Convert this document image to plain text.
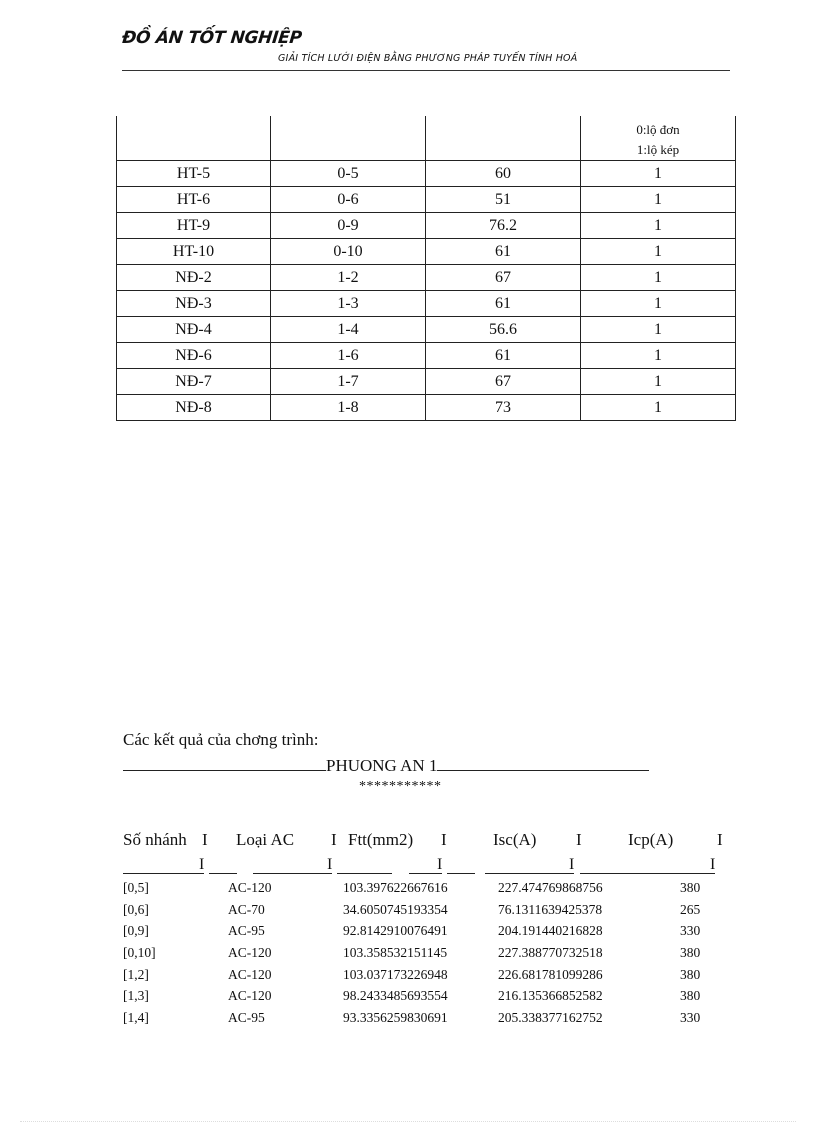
ĐỒ ÁN TỐT NGHIỆP
GIẢI TÍCH LƯỚI ĐIỆN BẰNG PHƯƠNG PHÁP TUYẾN TÍNH HOÁ

			0:lộ đơn
1:lộ kép

HT-5	0-5	60	1
HT-6	0-6	51	1
HT-9	0-9	76.2	1
HT-10	0-10	61	1
NĐ-2	1-2	67	1
NĐ-3	1-3	61	1
NĐ-4	1-4	56.6	1
NĐ-6	1-6	61	1
NĐ-7	1-7	67	1
NĐ-8	1-8	73	1
Các kết quả của chơng trình:
PHUONG AN 1
***********
Số nhánh I Loại AC I Ftt(mm2) I	Isc(A) I	Icp(A)	I
I	I	I	I	I
[0,5]	AC-120	103.397622667616	227.474769868756	380
[0,6]	AC-70	34.6050745193354	76.1311639425378	265
[0,9]	AC-95	92.8142910076491	204.191440216828	330
[0,10]	AC-120	103.358532151145	227.388770732518	380
[1,2]	AC-120	103.037173226948	226.681781099286	380
[1,3]	AC-120	98.2433485693554	216.135366852582	380
[1,4]	AC-95	93.3356259830691	205.338377162752	330
